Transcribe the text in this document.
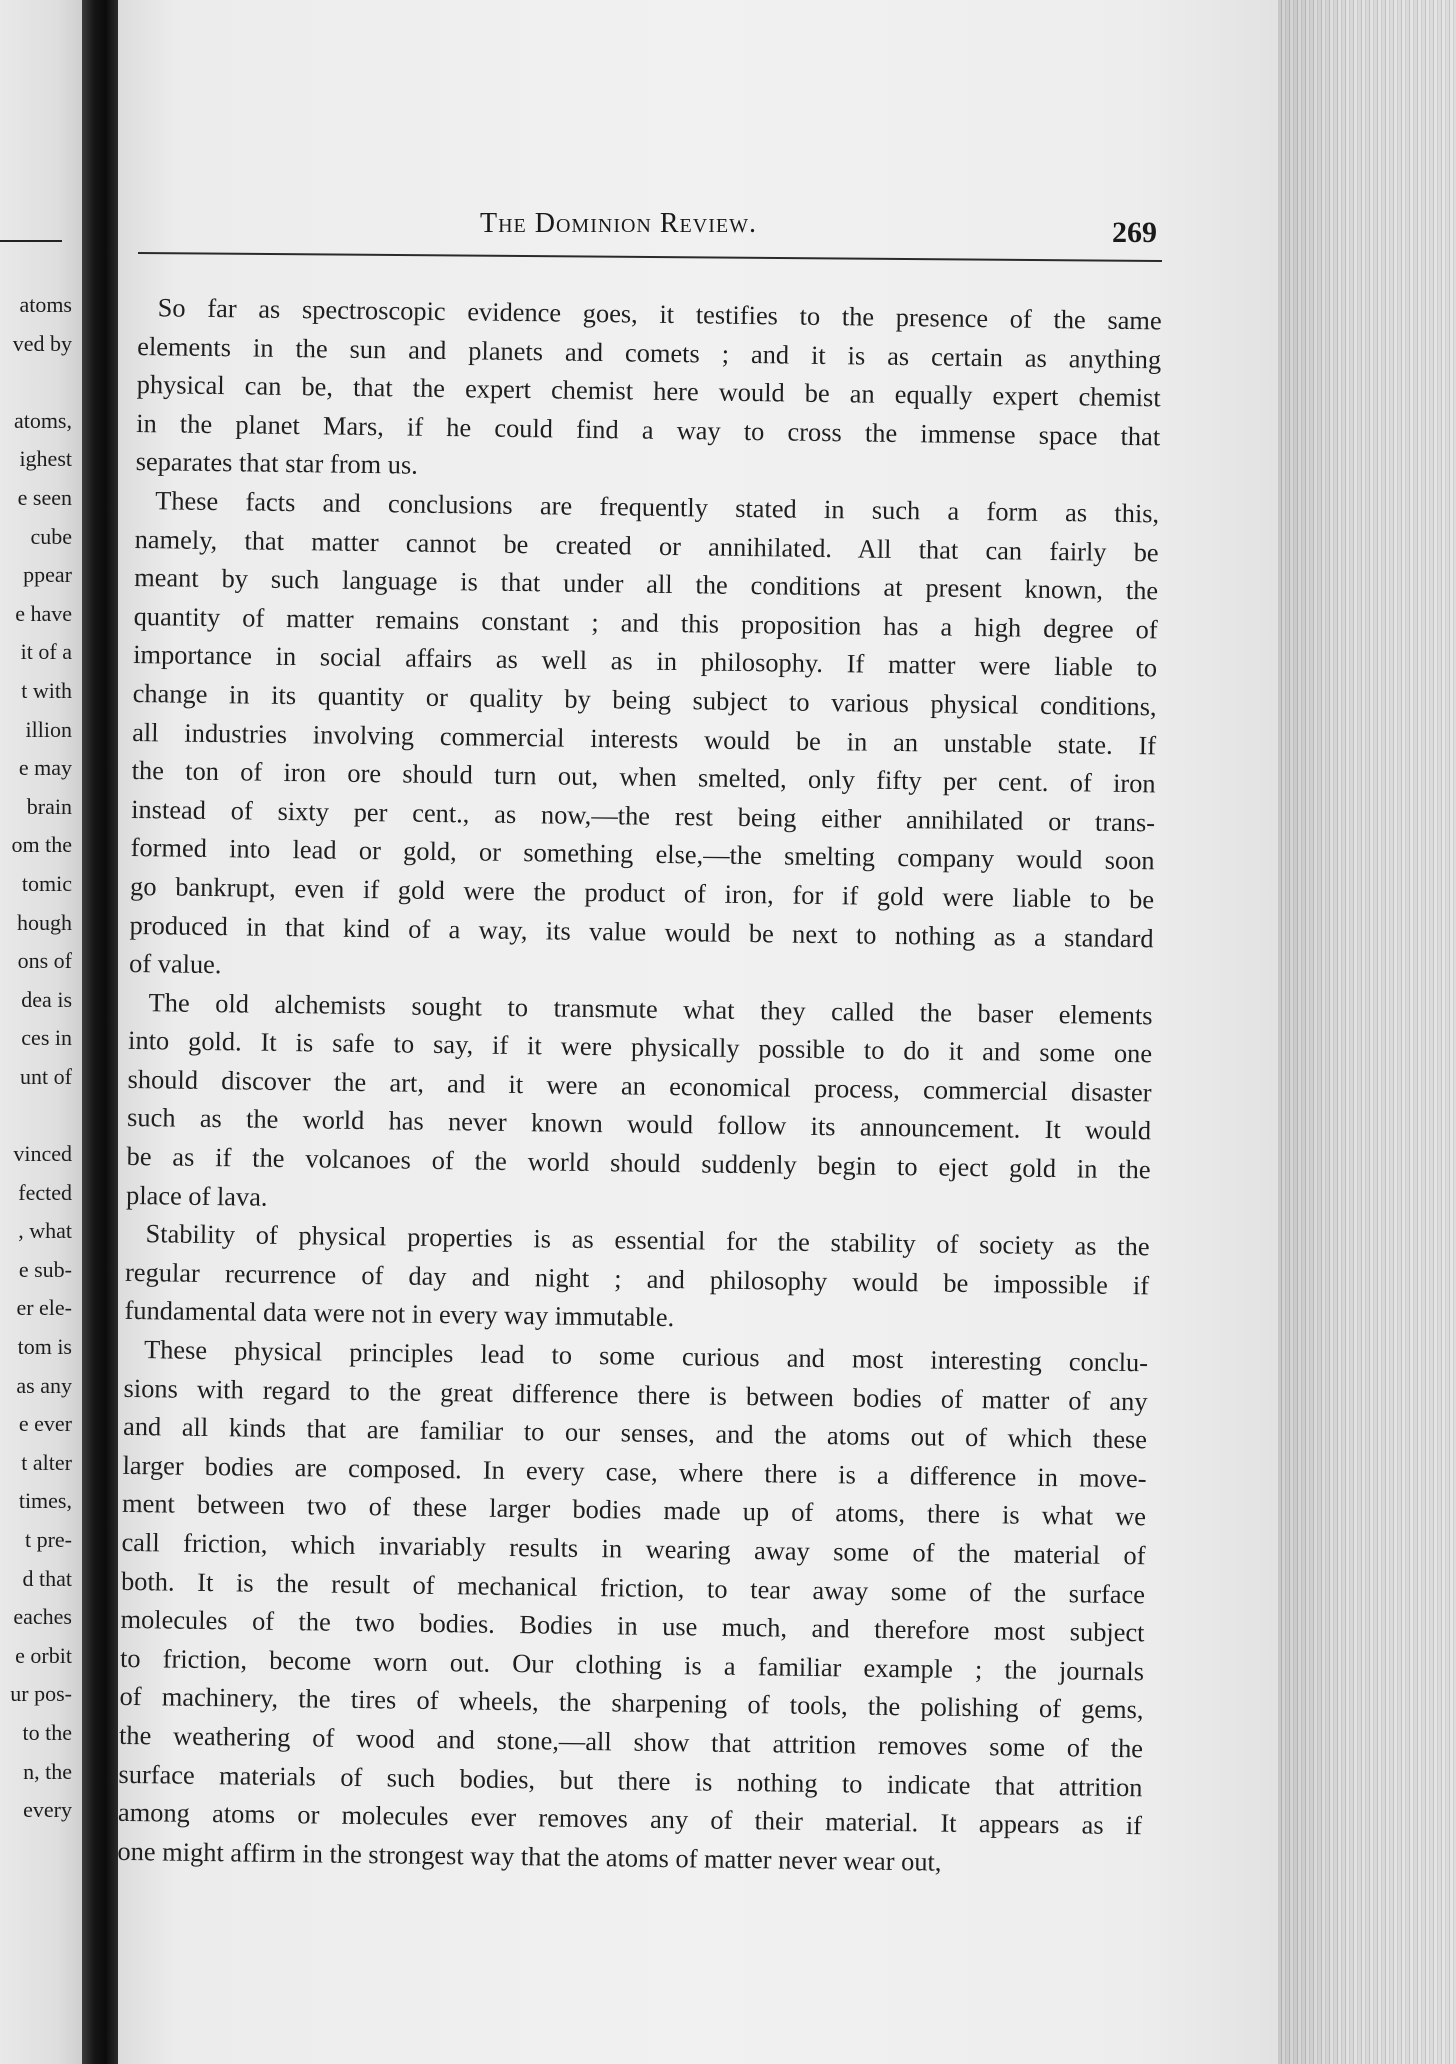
atoms
ved by

atoms,
ighest
e seen
cube
ppear
e have
it of a
t with
illion
e may
brain
om the
tomic
hough
ons of
dea is
ces in
unt of

vinced
fected
, what
e sub-
er ele-
tom is
as any
e ever
t alter
times,
t pre-
d that
eaches
e orbit
ur pos-
to the
n, the
every
The Dominion Review.	269
So far as spectroscopic evidence goes, it testifies to the presence of the same
elements in the sun and planets and comets ; and it is as certain as anything
physical can be, that the expert chemist here would be an equally expert chemist
in the planet Mars, if he could find a way to cross the immense space that
separates that star from us.
These facts and conclusions are frequently stated in such a form as this,
namely, that matter cannot be created or annihilated. All that can fairly be
meant by such language is that under all the conditions at present known, the
quantity of matter remains constant ; and this proposition has a high degree of
importance in social affairs as well as in philosophy. If matter were liable to
change in its quantity or quality by being subject to various physical conditions,
all industries involving commercial interests would be in an unstable state. If
the ton of iron ore should turn out, when smelted, only fifty per cent. of iron
instead of sixty per cent., as now,—the rest being either annihilated or trans-
formed into lead or gold, or something else,—the smelting company would soon
go bankrupt, even if gold were the product of iron, for if gold were liable to be
produced in that kind of a way, its value would be next to nothing as a standard
of value.
The old alchemists sought to transmute what they called the baser elements
into gold. It is safe to say, if it were physically possible to do it and some one
should discover the art, and it were an economical process, commercial disaster
such as the world has never known would follow its announcement. It would
be as if the volcanoes of the world should suddenly begin to eject gold in the
place of lava.
Stability of physical properties is as essential for the stability of society as the
regular recurrence of day and night ; and philosophy would be impossible if
fundamental data were not in every way immutable.
These physical principles lead to some curious and most interesting conclu-
sions with regard to the great difference there is between bodies of matter of any
and all kinds that are familiar to our senses, and the atoms out of which these
larger bodies are composed. In every case, where there is a difference in move-
ment between two of these larger bodies made up of atoms, there is what we
call friction, which invariably results in wearing away some of the material of
both. It is the result of mechanical friction, to tear away some of the surface
molecules of the two bodies. Bodies in use much, and therefore most subject
to friction, become worn out. Our clothing is a familiar example ; the journals
of machinery, the tires of wheels, the sharpening of tools, the polishing of gems,
the weathering of wood and stone,—all show that attrition removes some of the
surface materials of such bodies, but there is nothing to indicate that attrition
among atoms or molecules ever removes any of their material. It appears as if
one might affirm in the strongest way that the atoms of matter never wear out,
